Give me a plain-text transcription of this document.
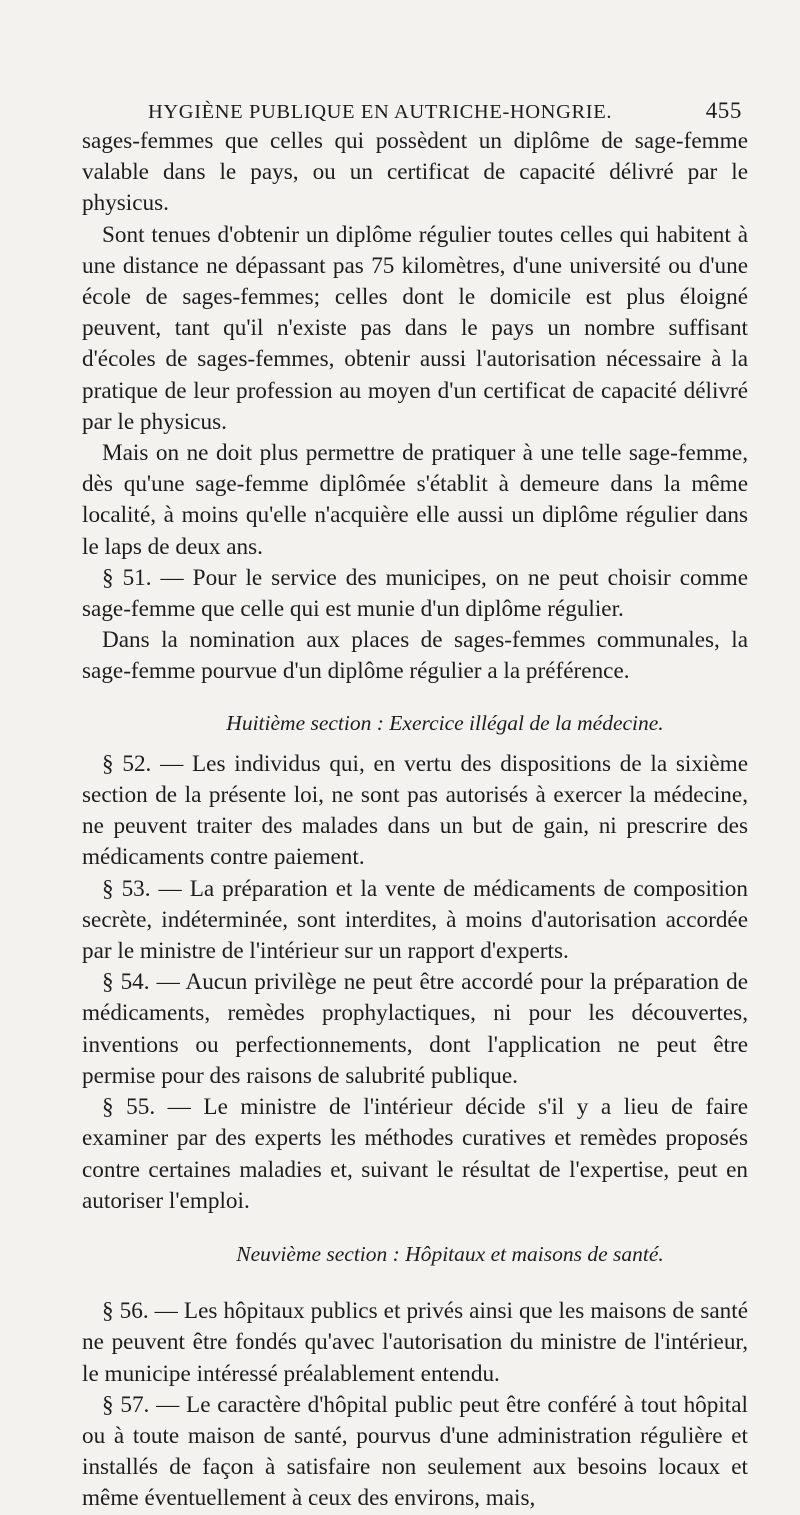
HYGIÈNE PUBLIQUE EN AUTRICHE-HONGRIE.	455

sages-femmes que celles qui possèdent un diplôme de sage-femme valable dans le pays, ou un certificat de capacité délivré par le physicus.

Sont tenues d'obtenir un diplôme régulier toutes celles qui habitent à une distance ne dépassant pas 75 kilomètres, d'une université ou d'une école de sages-femmes; celles dont le domicile est plus éloigné peuvent, tant qu'il n'existe pas dans le pays un nombre suffisant d'écoles de sages-femmes, obtenir aussi l'autorisation nécessaire à la pratique de leur profession au moyen d'un certificat de capacité délivré par le physicus.

Mais on ne doit plus permettre de pratiquer à une telle sage-femme, dès qu'une sage-femme diplômée s'établit à demeure dans la même localité, à moins qu'elle n'acquière elle aussi un diplôme régulier dans le laps de deux ans.

§ 51. — Pour le service des municipes, on ne peut choisir comme sage-femme que celle qui est munie d'un diplôme régulier.

Dans la nomination aux places de sages-femmes communales, la sage-femme pourvue d'un diplôme régulier a la préférence.

Huitième section : Exercice illégal de la médecine.

§ 52. — Les individus qui, en vertu des dispositions de la sixième section de la présente loi, ne sont pas autorisés à exercer la médecine, ne peuvent traiter des malades dans un but de gain, ni prescrire des médicaments contre paiement.

§ 53. — La préparation et la vente de médicaments de composition secrète, indéterminée, sont interdites, à moins d'autorisation accordée par le ministre de l'intérieur sur un rapport d'experts.

§ 54. — Aucun privilège ne peut être accordé pour la préparation de médicaments, remèdes prophylactiques, ni pour les découvertes, inventions ou perfectionnements, dont l'application ne peut être permise pour des raisons de salubrité publique.

§ 55. — Le ministre de l'intérieur décide s'il y a lieu de faire examiner par des experts les méthodes curatives et remèdes proposés contre certaines maladies et, suivant le résultat de l'expertise, peut en autoriser l'emploi.

Neuvième section : Hôpitaux et maisons de santé.

§ 56. — Les hôpitaux publics et privés ainsi que les maisons de santé ne peuvent être fondés qu'avec l'autorisation du ministre de l'intérieur, le municipe intéressé préalablement entendu.

§ 57. — Le caractère d'hôpital public peut être conféré à tout hôpital ou à toute maison de santé, pourvus d'une administration régulière et installés de façon à satisfaire non seulement aux besoins locaux et même éventuellement à ceux des environs, mais,
